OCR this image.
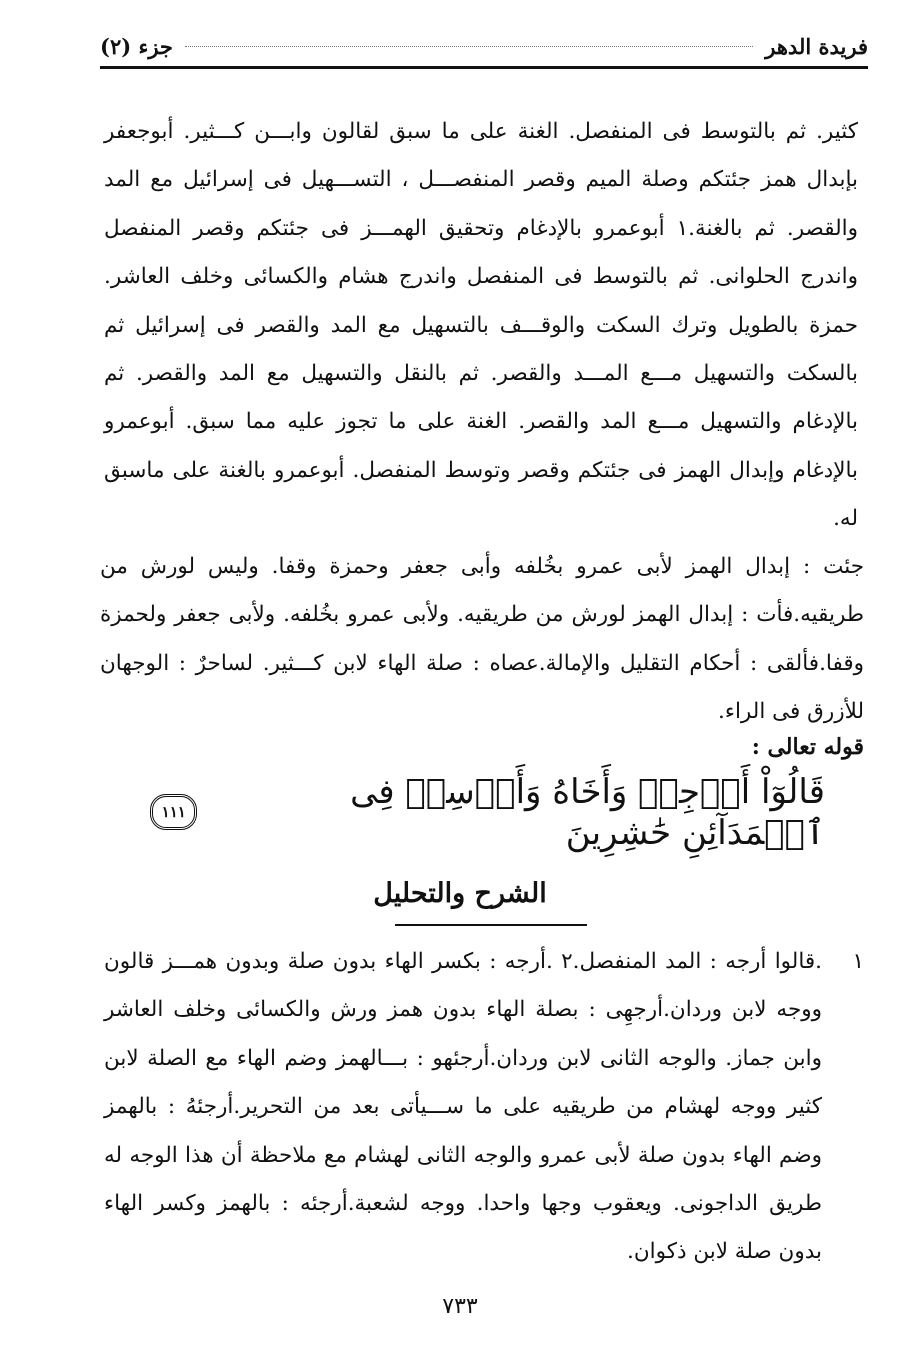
فريدة الدهر
جزء (٢)
كثير. ثم بالتوسط فى المنفصل. الغنة على ما سبق لقالون وابـــن كـــثير. أبوجعفر بإبدال همز جئتكم وصلة الميم وقصر المنفصـــل ، التســـهيل فى إسرائيل مع المد والقصر. ثم بالغنة.١ أبوعمرو بالإدغام وتحقيق الهمـــز فى جئتكم وقصر المنفصل واندرج الحلوانى. ثم بالتوسط فى المنفصل واندرج هشام والكسائى وخلف العاشر. حمزة بالطويل وترك السكت والوقـــف بالتسهيل مع المد والقصر فى إسرائيل ثم بالسكت والتسهيل مـــع المـــد والقصر. ثم بالنقل والتسهيل مع المد والقصر. ثم بالإدغام والتسهيل مـــع المد والقصر. الغنة على ما تجوز عليه مما سبق. أبوعمرو بالإدغام وإبدال الهمز فى جئتكم وقصر وتوسط المنفصل. أبوعمرو بالغنة على ماسبق له.
جئت : إبدال الهمز لأبى عمرو بخُلفه وأبى جعفر وحمزة وقفا. وليس لورش من طريقيه.فأت : إبدال الهمز لورش من طريقيه. ولأبى عمرو بخُلفه. ولأبى جعفر ولحمزة وقفا.فألقى : أحكام التقليل والإمالة.عصاه : صلة الهاء لابن كـــثير. لساحرٌ : الوجهان للأزرق فى الراء.
قوله تعالى :
قَالُوٓاْ أَرۡجِهۡ وَأَخَاهُ وَأَرۡسِلۡ فِى ٱلۡمَدَآئِنِ حَٰشِرِينَ
١١١
الشرح والتحليل
١
.قالوا أرجه : المد المنفصل.٢ .أرجه : بكسر الهاء بدون صلة وبدون همـــز قالون ووجه لابن وردان.أرجهِى : بصلة الهاء بدون همز ورش والكسائى وخلف العاشر وابن جماز. والوجه الثانى لابن وردان.أرجئهو : بـــالهمز وضم الهاء مع الصلة لابن كثير ووجه لهشام من طريقيه على ما ســـيأتى بعد من التحرير.أرجئهُ : بالهمز وضم الهاء بدون صلة لأبى عمرو والوجه الثانى لهشام مع ملاحظة أن هذا الوجه له طريق الداجونى. ويعقوب وجها واحدا. ووجه لشعبة.أرجئه : بالهمز وكسر الهاء بدون صلة لابن ذكوان.
٧٣٣
